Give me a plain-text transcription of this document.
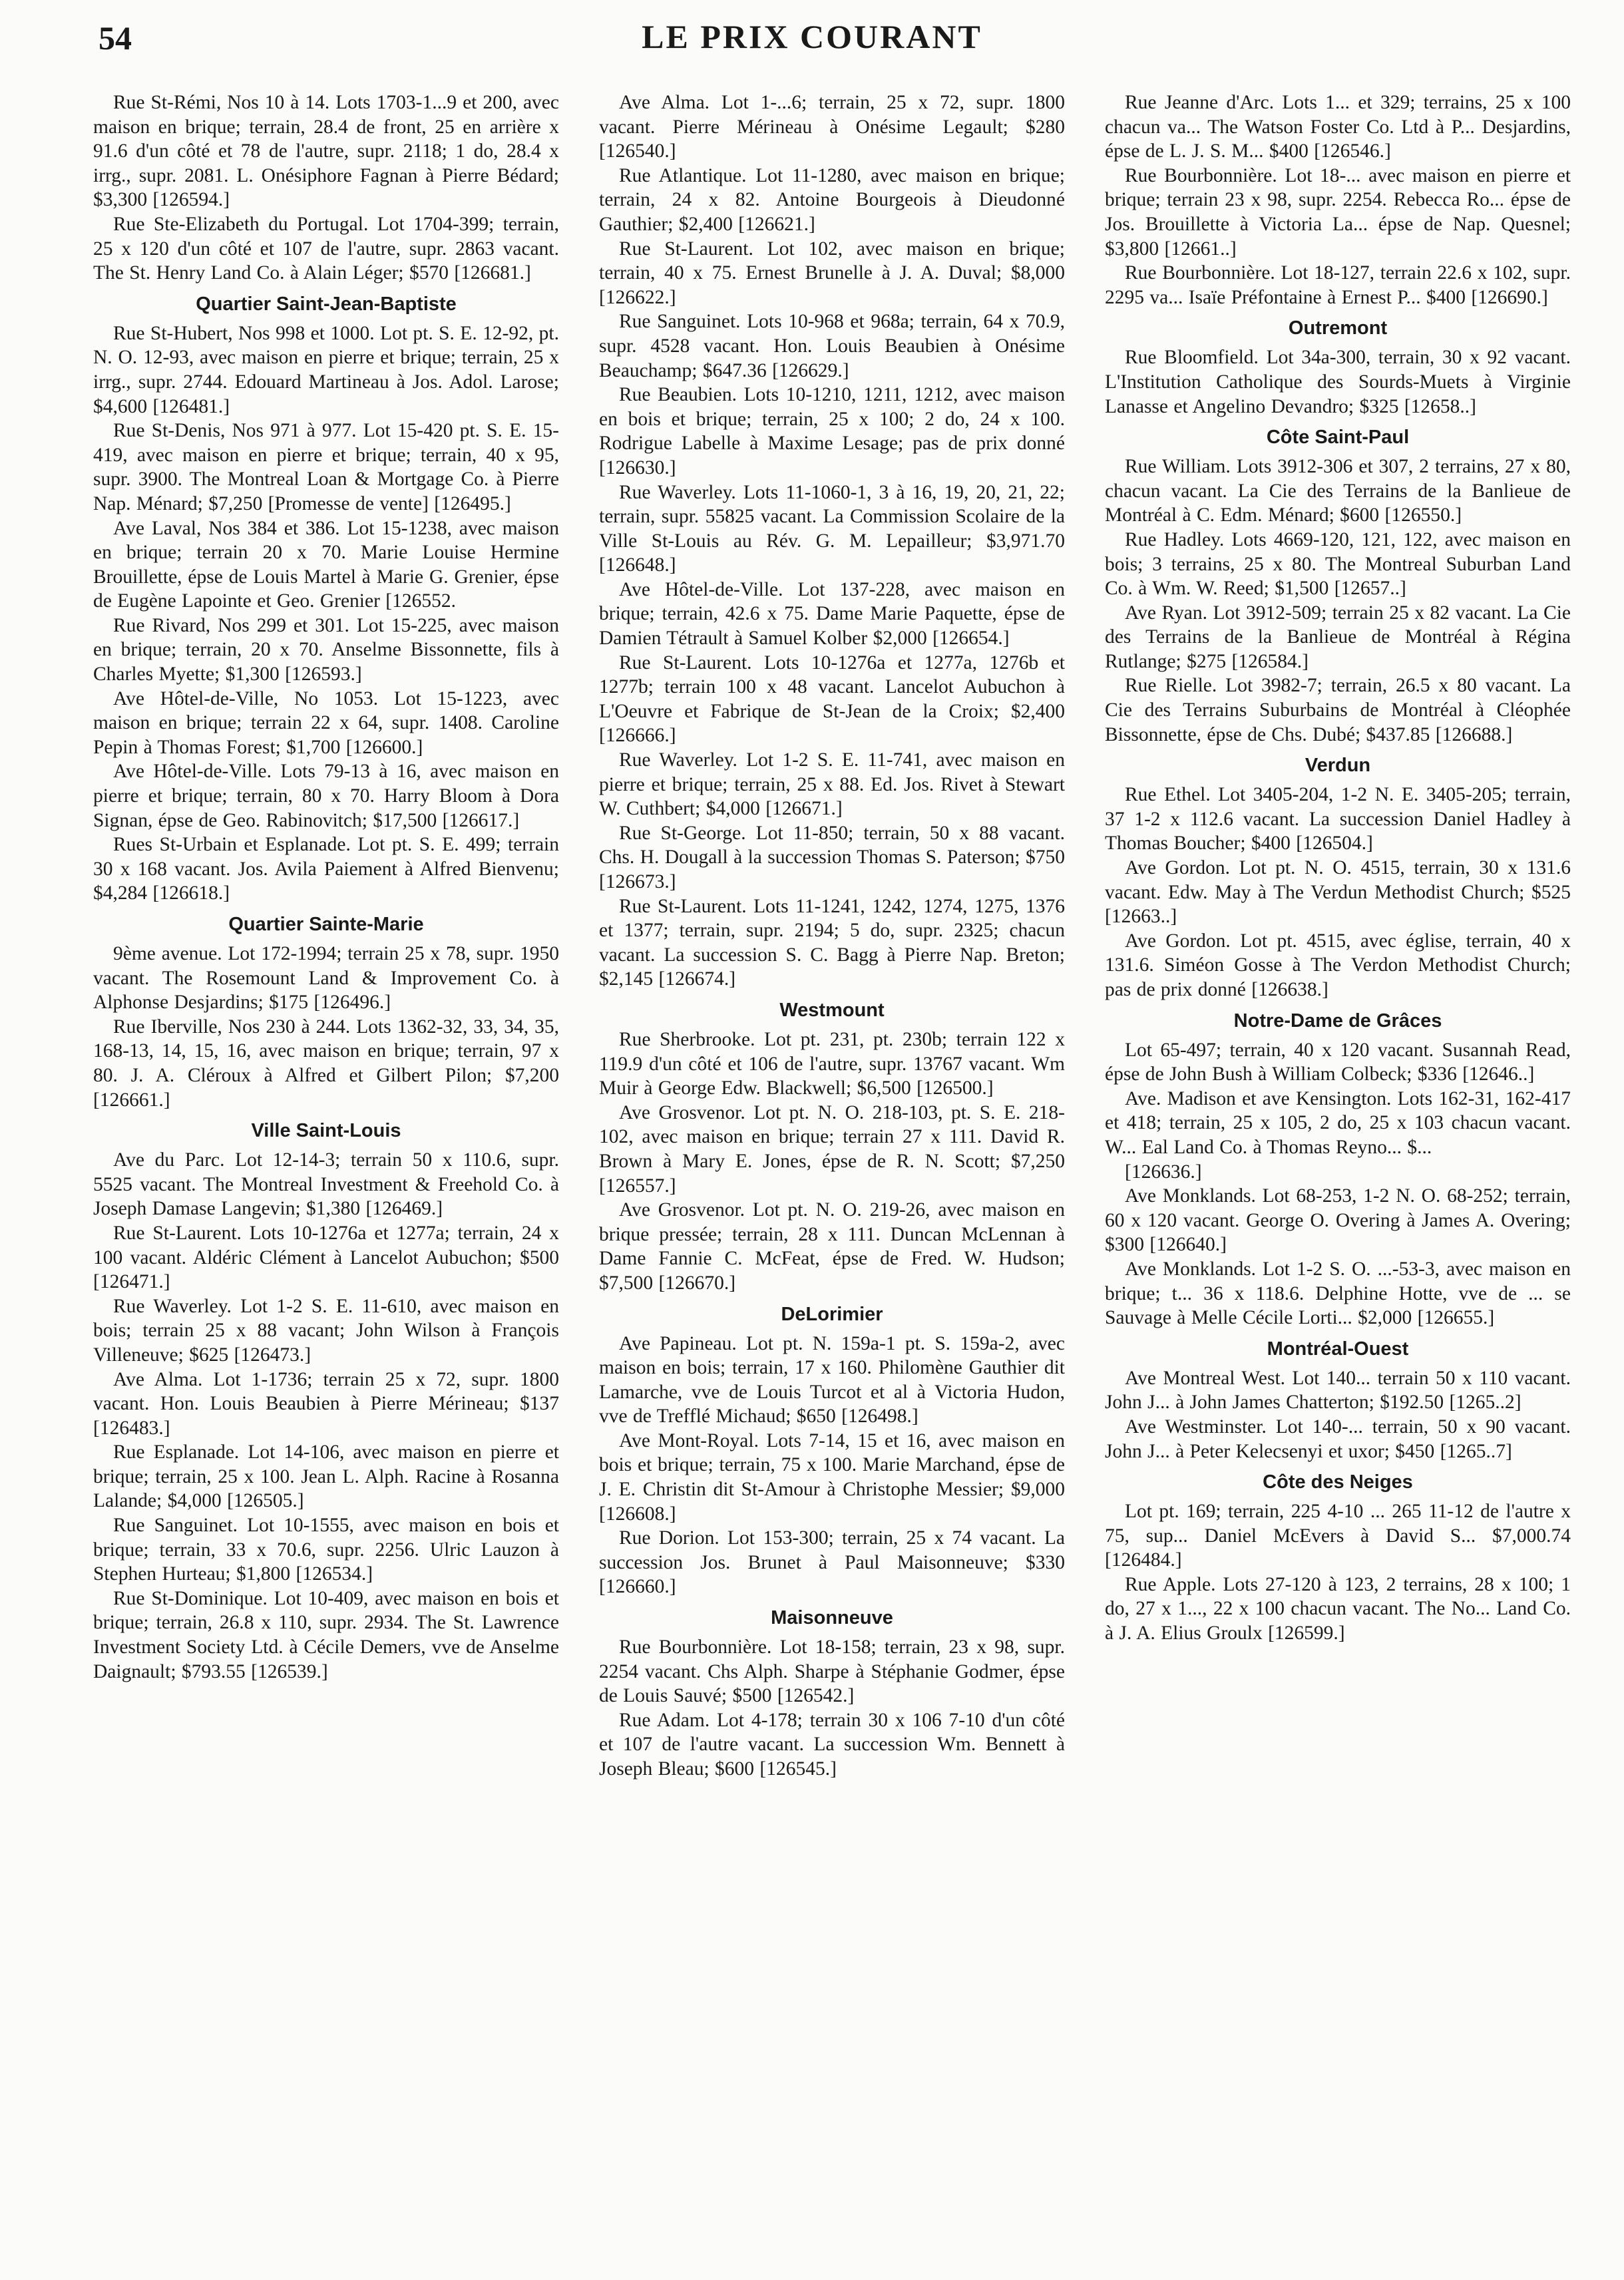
54	LE PRIX COURANT

Rue St-Rémi, Nos 10 à 14. Lots 1703-1...9 et 200, avec maison en brique; terrain, 28.4 de front, 25 en arrière x 91.6 d'un côté et 78 de l'autre, supr. 2118; 1 do, 28.4 x irrg., supr. 2081. L. Onésiphore Fagnan à Pierre Bédard; $3,300 [126594.]

Rue Ste-Elizabeth du Portugal. Lot 1704-399; terrain, 25 x 120 d'un côté et 107 de l'autre, supr. 2863 vacant. The St. Henry Land Co. à Alain Léger; $570 [126681.]

Quartier Saint-Jean-Baptiste

Rue St-Hubert, Nos 998 et 1000. Lot pt. S. E. 12-92, pt. N. O. 12-93, avec maison en pierre et brique; terrain, 25 x irrg., supr. 2744. Edouard Martineau à Jos. Adol. Larose; $4,600 [126481.]

Rue St-Denis, Nos 971 à 977. Lot 15-420 pt. S. E. 15-419, avec maison en pierre et brique; terrain, 40 x 95, supr. 3900. The Montreal Loan & Mortgage Co. à Pierre Nap. Ménard; $7,250 [Promesse de vente] [126495.]

Ave Laval, Nos 384 et 386. Lot 15-1238, avec maison en brique; terrain 20 x 70. Marie Louise Hermine Brouillette, épse de Louis Martel à Marie G. Grenier, épse de Eugène Lapointe et Geo. Grenier [126552.

Rue Rivard, Nos 299 et 301. Lot 15-225, avec maison en brique; terrain, 20 x 70. Anselme Bissonnette, fils à Charles Myette; $1,300 [126593.]

Ave Hôtel-de-Ville, No 1053. Lot 15-1223, avec maison en brique; terrain 22 x 64, supr. 1408. Caroline Pepin à Thomas Forest; $1,700 [126600.]

Ave Hôtel-de-Ville. Lots 79-13 à 16, avec maison en pierre et brique; terrain, 80 x 70. Harry Bloom à Dora Signan, épse de Geo. Rabinovitch; $17,500 [126617.]

Rues St-Urbain et Esplanade. Lot pt. S. E. 499; terrain 30 x 168 vacant. Jos. Avila Paiement à Alfred Bienvenu; $4,284 [126618.]

Quartier Sainte-Marie

9ème avenue. Lot 172-1994; terrain 25 x 78, supr. 1950 vacant. The Rosemount Land & Improvement Co. à Alphonse Desjardins; $175 [126496.]

Rue Iberville, Nos 230 à 244. Lots 1362-32, 33, 34, 35, 168-13, 14, 15, 16, avec maison en brique; terrain, 97 x 80. J. A. Cléroux à Alfred et Gilbert Pilon; $7,200 [126661.]

Ville Saint-Louis

Ave du Parc. Lot 12-14-3; terrain 50 x 110.6, supr. 5525 vacant. The Montreal Investment & Freehold Co. à Joseph Damase Langevin; $1,380 [126469.]

Rue St-Laurent. Lots 10-1276a et 1277a; terrain, 24 x 100 vacant. Aldéric Clément à Lancelot Aubuchon; $500 [126471.]

Rue Waverley. Lot 1-2 S. E. 11-610, avec maison en bois; terrain 25 x 88 vacant; John Wilson à François Villeneuve; $625 [126473.]

Ave Alma. Lot 1-1736; terrain 25 x 72, supr. 1800 vacant. Hon. Louis Beaubien à Pierre Mérineau; $137 [126483.]

Rue Esplanade. Lot 14-106, avec maison en pierre et brique; terrain, 25 x 100. Jean L. Alph. Racine à Rosanna Lalande; $4,000 [126505.]

Rue Sanguinet. Lot 10-1555, avec maison en bois et brique; terrain, 33 x 70.6, supr. 2256. Ulric Lauzon à Stephen Hurteau; $1,800 [126534.]

Rue St-Dominique. Lot 10-409, avec maison en bois et brique; terrain, 26.8 x 110, supr. 2934. The St. Lawrence Investment Society Ltd. à Cécile Demers, vve de Anselme Daignault; $793.55 [126539.]

Ave Alma. Lot 1-...6; terrain, 25 x 72, supr. 1800 vacant. Pierre Mérineau à Onésime Legault; $280 [126540.]

Rue Atlantique. Lot 11-1280, avec maison en brique; terrain, 24 x 82. Antoine Bourgeois à Dieudonné Gauthier; $2,400 [126621.]

Rue St-Laurent. Lot 102, avec maison en brique; terrain, 40 x 75. Ernest Brunelle à J. A. Duval; $8,000 [126622.]

Rue Sanguinet. Lots 10-968 et 968a; terrain, 64 x 70.9, supr. 4528 vacant. Hon. Louis Beaubien à Onésime Beauchamp; $647.36 [126629.]

Rue Beaubien. Lots 10-1210, 1211, 1212, avec maison en bois et brique; terrain, 25 x 100; 2 do, 24 x 100. Rodrigue Labelle à Maxime Lesage; pas de prix donné [126630.]

Rue Waverley. Lots 11-1060-1, 3 à 16, 19, 20, 21, 22; terrain, supr. 55825 vacant. La Commission Scolaire de la Ville St-Louis au Rév. G. M. Lepailleur; $3,971.70 [126648.]

Ave Hôtel-de-Ville. Lot 137-228, avec maison en brique; terrain, 42.6 x 75. Dame Marie Paquette, épse de Damien Tétrault à Samuel Kolber $2,000 [126654.]

Rue St-Laurent. Lots 10-1276a et 1277a, 1276b et 1277b; terrain 100 x 48 vacant. Lancelot Aubuchon à L'Oeuvre et Fabrique de St-Jean de la Croix; $2,400 [126666.]

Rue Waverley. Lot 1-2 S. E. 11-741, avec maison en pierre et brique; terrain, 25 x 88. Ed. Jos. Rivet à Stewart W. Cuthbert; $4,000 [126671.]

Rue St-George. Lot 11-850; terrain, 50 x 88 vacant. Chs. H. Dougall à la succession Thomas S. Paterson; $750 [126673.]

Rue St-Laurent. Lots 11-1241, 1242, 1274, 1275, 1376 et 1377; terrain, supr. 2194; 5 do, supr. 2325; chacun vacant. La succession S. C. Bagg à Pierre Nap. Breton; $2,145 [126674.]

Westmount

Rue Sherbrooke. Lot pt. 231, pt. 230b; terrain 122 x 119.9 d'un côté et 106 de l'autre, supr. 13767 vacant. Wm Muir à George Edw. Blackwell; $6,500 [126500.]

Ave Grosvenor. Lot pt. N. O. 218-103, pt. S. E. 218-102, avec maison en brique; terrain 27 x 111. David R. Brown à Mary E. Jones, épse de R. N. Scott; $7,250 [126557.]

Ave Grosvenor. Lot pt. N. O. 219-26, avec maison en brique pressée; terrain, 28 x 111. Duncan McLennan à Dame Fannie C. McFeat, épse de Fred. W. Hudson; $7,500 [126670.]

DeLorimier

Ave Papineau. Lot pt. N. 159a-1 pt. S. 159a-2, avec maison en bois; terrain, 17 x 160. Philomène Gauthier dit Lamarche, vve de Louis Turcot et al à Victoria Hudon, vve de Trefflé Michaud; $650 [126498.]

Ave Mont-Royal. Lots 7-14, 15 et 16, avec maison en bois et brique; terrain, 75 x 100. Marie Marchand, épse de J. E. Christin dit St-Amour à Christophe Messier; $9,000 [126608.]

Rue Dorion. Lot 153-300; terrain, 25 x 74 vacant. La succession Jos. Brunet à Paul Maisonneuve; $330 [126660.]

Maisonneuve

Rue Bourbonnière. Lot 18-158; terrain, 23 x 98, supr. 2254 vacant. Chs Alph. Sharpe à Stéphanie Godmer, épse de Louis Sauvé; $500 [126542.]

Rue Adam. Lot 4-178; terrain 30 x 106 7-10 d'un côté et 107 de l'autre vacant. La succession Wm. Bennett à Joseph Bleau; $600 [126545.]

Rue Jeanne d'Arc. Lots 1... et 329; terrains, 25 x 100 chacun va... The Watson Foster Co. Ltd à P... Desjardins, épse de L. J. S. M... $400 [126546.]

Rue Bourbonnière. Lot 18-... avec maison en pierre et brique; terrain 23 x 98, supr. 2254. Rebecca Ro... épse de Jos. Brouillette à Victoria La... épse de Nap. Quesnel; $3,800 [12661..]

Rue Bourbonnière. Lot 18-127, terrain 22.6 x 102, supr. 2295 va... Isaïe Préfontaine à Ernest P... $400 [126690.]

Outremont

Rue Bloomfield. Lot 34a-300, terrain, 30 x 92 vacant. L'Institution Catholique des Sourds-Muets à Virginie Lanasse et Angelino Devandro; $325 [12658..]

Côte Saint-Paul

Rue William. Lots 3912-306 et 307, 2 terrains, 27 x 80, chacun vacant. La Cie des Terrains de la Banlieue de Montréal à C. Edm. Ménard; $600 [126550.]

Rue Hadley. Lots 4669-120, 121, 122, avec maison en bois; 3 terrains, 25 x 80. The Montreal Suburban Land Co. à Wm. W. Reed; $1,500 [12657..]

Ave Ryan. Lot 3912-509; terrain 25 x 82 vacant. La Cie des Terrains de la Banlieue de Montréal à Régina Rutlange; $275 [126584.]

Rue Rielle. Lot 3982-7; terrain, 26.5 x 80 vacant. La Cie des Terrains Suburbains de Montréal à Cléophée Bissonnette, épse de Chs. Dubé; $437.85 [126688.]

Verdun

Rue Ethel. Lot 3405-204, 1-2 N. E. 3405-205; terrain, 37 1-2 x 112.6 vacant. La succession Daniel Hadley à Thomas Boucher; $400 [126504.]

Ave Gordon. Lot pt. N. O. 4515, terrain, 30 x 131.6 vacant. Edw. May à The Verdun Methodist Church; $525 [12663..]

Ave Gordon. Lot pt. 4515, avec église, terrain, 40 x 131.6. Siméon Gosse à The Verdon Methodist Church; pas de prix donné [126638.]

Notre-Dame de Grâces

Lot 65-497; terrain, 40 x 120 vacant. Susannah Read, épse de John Bush à William Colbeck; $336 [12646..]

Ave. Madison et ave Kensington. Lots 162-31, 162-417 et 418; terrain, 25 x 105, 2 do, 25 x 103 chacun vacant. W... Eal Land Co. à Thomas Reyno... $...

[126636.]

Ave Monklands. Lot 68-253, 1-2 N. O. 68-252; terrain, 60 x 120 vacant. George O. Overing à James A. Overing; $300 [126640.]

Ave Monklands. Lot 1-2 S. O. ...-53-3, avec maison en brique; t... 36 x 118.6. Delphine Hotte, vve de ... se Sauvage à Melle Cécile Lorti... $2,000 [126655.]

Montréal-Ouest

Ave Montreal West. Lot 140... terrain 50 x 110 vacant. John J... à John James Chatterton; $192.50 [1265..2]

Ave Westminster. Lot 140-... terrain, 50 x 90 vacant. John J... à Peter Kelecsenyi et uxor; $450 [1265..7]

Côte des Neiges

Lot pt. 169; terrain, 225 4-10 ... 265 11-12 de l'autre x 75, sup... Daniel McEvers à David S... $7,000.74 [126484.]

Rue Apple. Lots 27-120 à 123, 2 terrains, 28 x 100; 1 do, 27 x 1..., 22 x 100 chacun vacant. The No... Land Co. à J. A. Elius Groulx [126599.]
